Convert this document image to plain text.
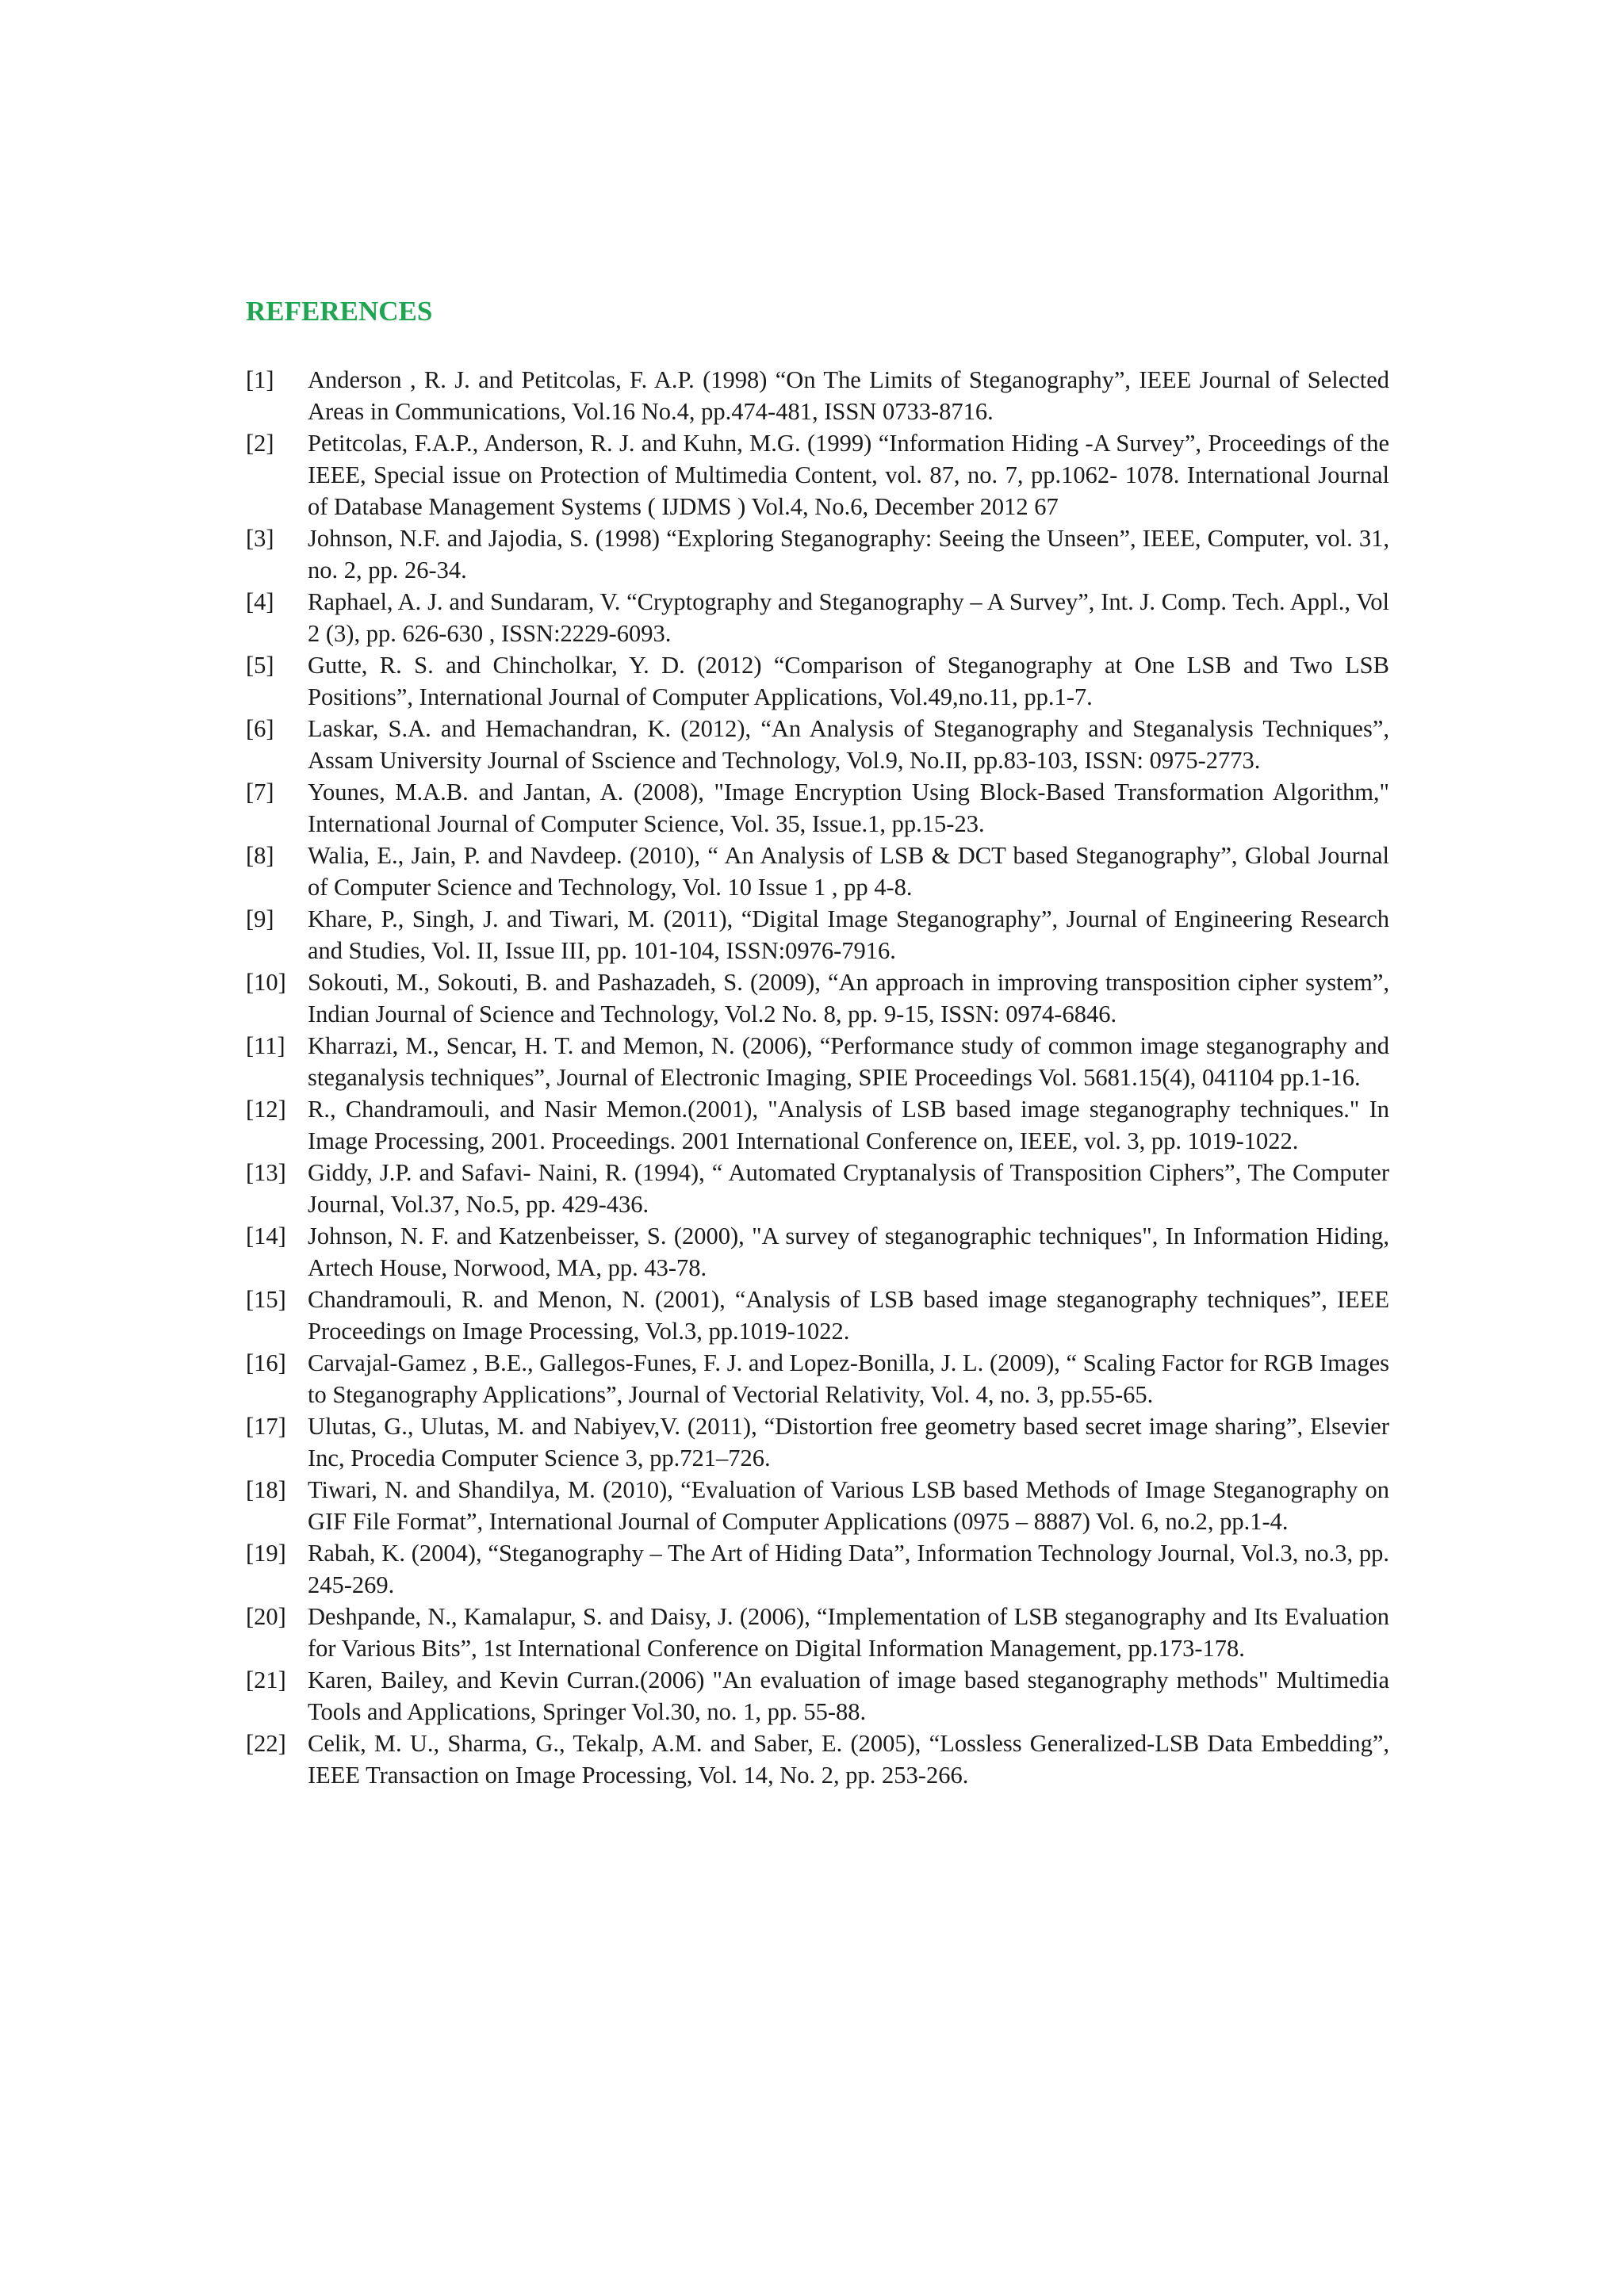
REFERENCES
[1]	Anderson , R. J. and Petitcolas, F. A.P. (1998) “On The Limits of Steganography”, IEEE Journal of Selected Areas in Communications, Vol.16 No.4, pp.474-481, ISSN 0733-8716.
[2]	Petitcolas, F.A.P., Anderson, R. J. and Kuhn, M.G. (1999) “Information Hiding -A Survey”, Proceedings of the IEEE, Special issue on Protection of Multimedia Content, vol. 87, no. 7, pp.1062- 1078. International Journal of Database Management Systems ( IJDMS ) Vol.4, No.6, December 2012 67
[3]	Johnson, N.F. and Jajodia, S. (1998) “Exploring Steganography: Seeing the Unseen”, IEEE, Computer, vol. 31, no. 2, pp. 26-34.
[4]	Raphael, A. J. and Sundaram, V. “Cryptography and Steganography – A Survey”, Int. J. Comp. Tech. Appl., Vol 2 (3), pp. 626-630 , ISSN:2229-6093.
[5]	Gutte, R. S. and Chincholkar, Y. D. (2012) “Comparison of Steganography at One LSB and Two LSB Positions”, International Journal of Computer Applications, Vol.49,no.11, pp.1-7.
[6]	Laskar, S.A. and Hemachandran, K. (2012), “An Analysis of Steganography and Steganalysis Techniques”, Assam University Journal of Sscience and Technology, Vol.9, No.II, pp.83-103, ISSN: 0975-2773.
[7]	Younes, M.A.B. and Jantan, A. (2008), "Image Encryption Using Block-Based Transformation Algorithm," International Journal of Computer Science, Vol. 35, Issue.1, pp.15-23.
[8]	Walia, E., Jain, P. and Navdeep. (2010), “ An Analysis of LSB & DCT based Steganography”, Global Journal of Computer Science and Technology, Vol. 10 Issue 1 , pp 4-8.
[9]	Khare, P., Singh, J. and Tiwari, M. (2011), “Digital Image Steganography”, Journal of Engineering Research and Studies, Vol. II, Issue III, pp. 101-104, ISSN:0976-7916.
[10] Sokouti, M., Sokouti, B. and Pashazadeh, S. (2009), “An approach in improving transposition cipher system”, Indian Journal of Science and Technology, Vol.2 No. 8, pp. 9-15, ISSN: 0974-6846.
[11] Kharrazi, M., Sencar, H. T. and Memon, N. (2006), “Performance study of common image steganography and steganalysis techniques”, Journal of Electronic Imaging, SPIE Proceedings Vol. 5681.15(4), 041104 pp.1-16.
[12] R., Chandramouli, and Nasir Memon.(2001), "Analysis of LSB based image steganography techniques." In Image Processing, 2001. Proceedings. 2001 International Conference on, IEEE, vol. 3, pp. 1019-1022.
[13] Giddy, J.P. and Safavi- Naini, R. (1994), “ Automated Cryptanalysis of Transposition Ciphers”, The Computer Journal, Vol.37, No.5, pp. 429-436.
[14] Johnson, N. F. and Katzenbeisser, S. (2000), "A survey of steganographic techniques", In Information Hiding, Artech House, Norwood, MA, pp. 43-78.
[15] Chandramouli, R. and Menon, N. (2001), “Analysis of LSB based image steganography techniques”, IEEE Proceedings on Image Processing, Vol.3, pp.1019-1022.
[16] Carvajal-Gamez , B.E., Gallegos-Funes, F. J. and Lopez-Bonilla, J. L. (2009), “ Scaling Factor for RGB Images to Steganography Applications”, Journal of Vectorial Relativity, Vol. 4, no. 3, pp.55-65.
[17] Ulutas, G., Ulutas, M. and Nabiyev,V. (2011), “Distortion free geometry based secret image sharing”, Elsevier Inc, Procedia Computer Science 3, pp.721–726.
[18] Tiwari, N. and Shandilya, M. (2010), “Evaluation of Various LSB based Methods of Image Steganography on GIF File Format”, International Journal of Computer Applications (0975 – 8887) Vol. 6, no.2, pp.1-4.
[19] Rabah, K. (2004), “Steganography – The Art of Hiding Data”, Information Technology Journal, Vol.3, no.3, pp. 245-269.
[20] Deshpande, N., Kamalapur, S. and Daisy, J. (2006), “Implementation of LSB steganography and Its Evaluation for Various Bits”, 1st International Conference on Digital Information Management, pp.173-178.
[21] Karen, Bailey, and Kevin Curran.(2006) "An evaluation of image based steganography methods" Multimedia Tools and Applications, Springer Vol.30, no. 1, pp. 55-88.
[22] Celik, M. U., Sharma, G., Tekalp, A.M. and Saber, E. (2005), “Lossless Generalized-LSB Data Embedding”, IEEE Transaction on Image Processing, Vol. 14, No. 2, pp. 253-266.
